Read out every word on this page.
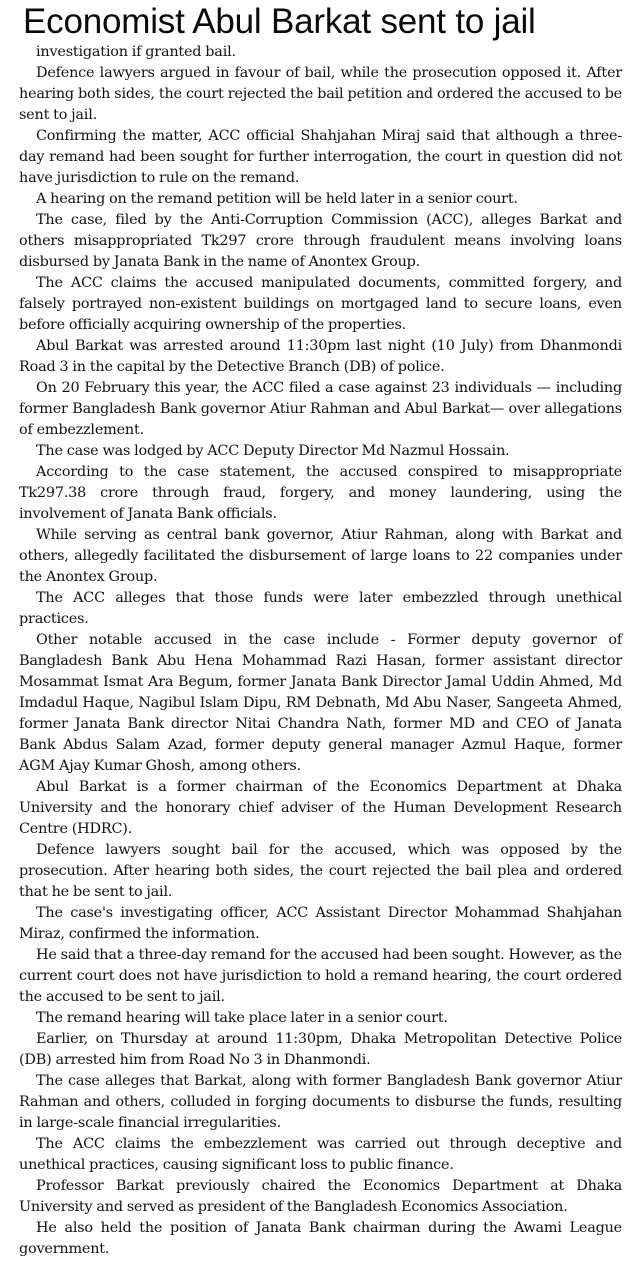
Economist Abul Barkat sent to jail

investigation if granted bail.

Defence lawyers argued in favour of bail, while the prosecution opposed it. After hearing both sides, the court rejected the bail petition and ordered the accused to be sent to jail.

Confirming the matter, ACC official Shahjahan Miraj said that although a three-day remand had been sought for further interrogation, the court in question did not have jurisdiction to rule on the remand.

A hearing on the remand petition will be held later in a senior court.

The case, filed by the Anti-Corruption Commission (ACC), alleges Barkat and others misappropriated Tk297 crore through fraudulent means involving loans disbursed by Janata Bank in the name of Anontex Group.

The ACC claims the accused manipulated documents, committed forgery, and falsely portrayed non-existent buildings on mortgaged land to secure loans, even before officially acquiring ownership of the properties.

Abul Barkat was arrested around 11:30pm last night (10 July) from Dhanmondi Road 3 in the capital by the Detective Branch (DB) of police.

On 20 February this year, the ACC filed a case against 23 individuals — including former Bangladesh Bank governor Atiur Rahman and Abul Barkat— over allegations of embezzlement.

The case was lodged by ACC Deputy Director Md Nazmul Hossain.

According to the case statement, the accused conspired to misappropriate Tk297.38 crore through fraud, forgery, and money laundering, using the involvement of Janata Bank officials.

While serving as central bank governor, Atiur Rahman, along with Barkat and others, allegedly facilitated the disbursement of large loans to 22 companies under the Anontex Group.

The ACC alleges that those funds were later embezzled through unethical practices.

Other notable accused in the case include - Former deputy governor of Bangladesh Bank Abu Hena Mohammad Razi Hasan, former assistant director Mosammat Ismat Ara Begum, former Janata Bank Director Jamal Uddin Ahmed, Md Imdadul Haque, Nagibul Islam Dipu, RM Debnath, Md Abu Naser, Sangeeta Ahmed, former Janata Bank director Nitai Chandra Nath, former MD and CEO of Janata Bank Abdus Salam Azad, former deputy general manager Azmul Haque, former AGM Ajay Kumar Ghosh, among others.

Abul Barkat is a former chairman of the Economics Department at Dhaka University and the honorary chief adviser of the Human Development Research Centre (HDRC).

Defence lawyers sought bail for the accused, which was opposed by the prosecution. After hearing both sides, the court rejected the bail plea and ordered that he be sent to jail.

The case's investigating officer, ACC Assistant Director Mohammad Shahjahan Miraz, confirmed the information.

He said that a three-day remand for the accused had been sought. However, as the current court does not have jurisdiction to hold a remand hearing, the court ordered the accused to be sent to jail.

The remand hearing will take place later in a senior court.

Earlier, on Thursday at around 11:30pm, Dhaka Metropolitan Detective Police (DB) arrested him from Road No 3 in Dhanmondi.

The case alleges that Barkat, along with former Bangladesh Bank governor Atiur Rahman and others, colluded in forging documents to disburse the funds, resulting in large-scale financial irregularities.

The ACC claims the embezzlement was carried out through deceptive and unethical practices, causing significant loss to public finance.

Professor Barkat previously chaired the Economics Department at Dhaka University and served as president of the Bangladesh Economics Association.

He also held the position of Janata Bank chairman during the Awami League government.
